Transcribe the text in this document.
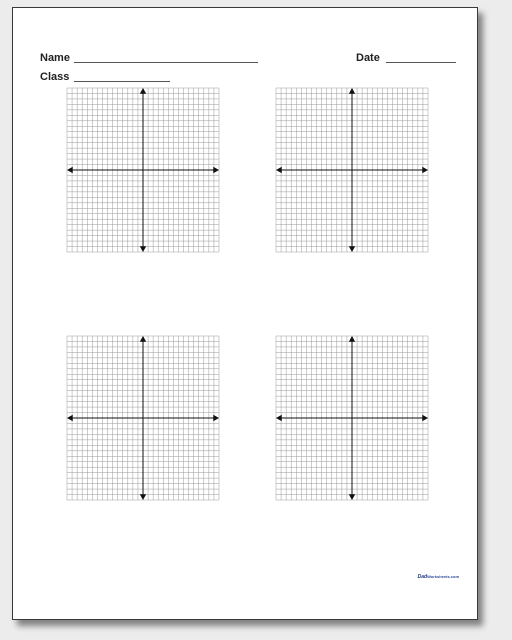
Name	Date
Class
DadWorksheets.com
